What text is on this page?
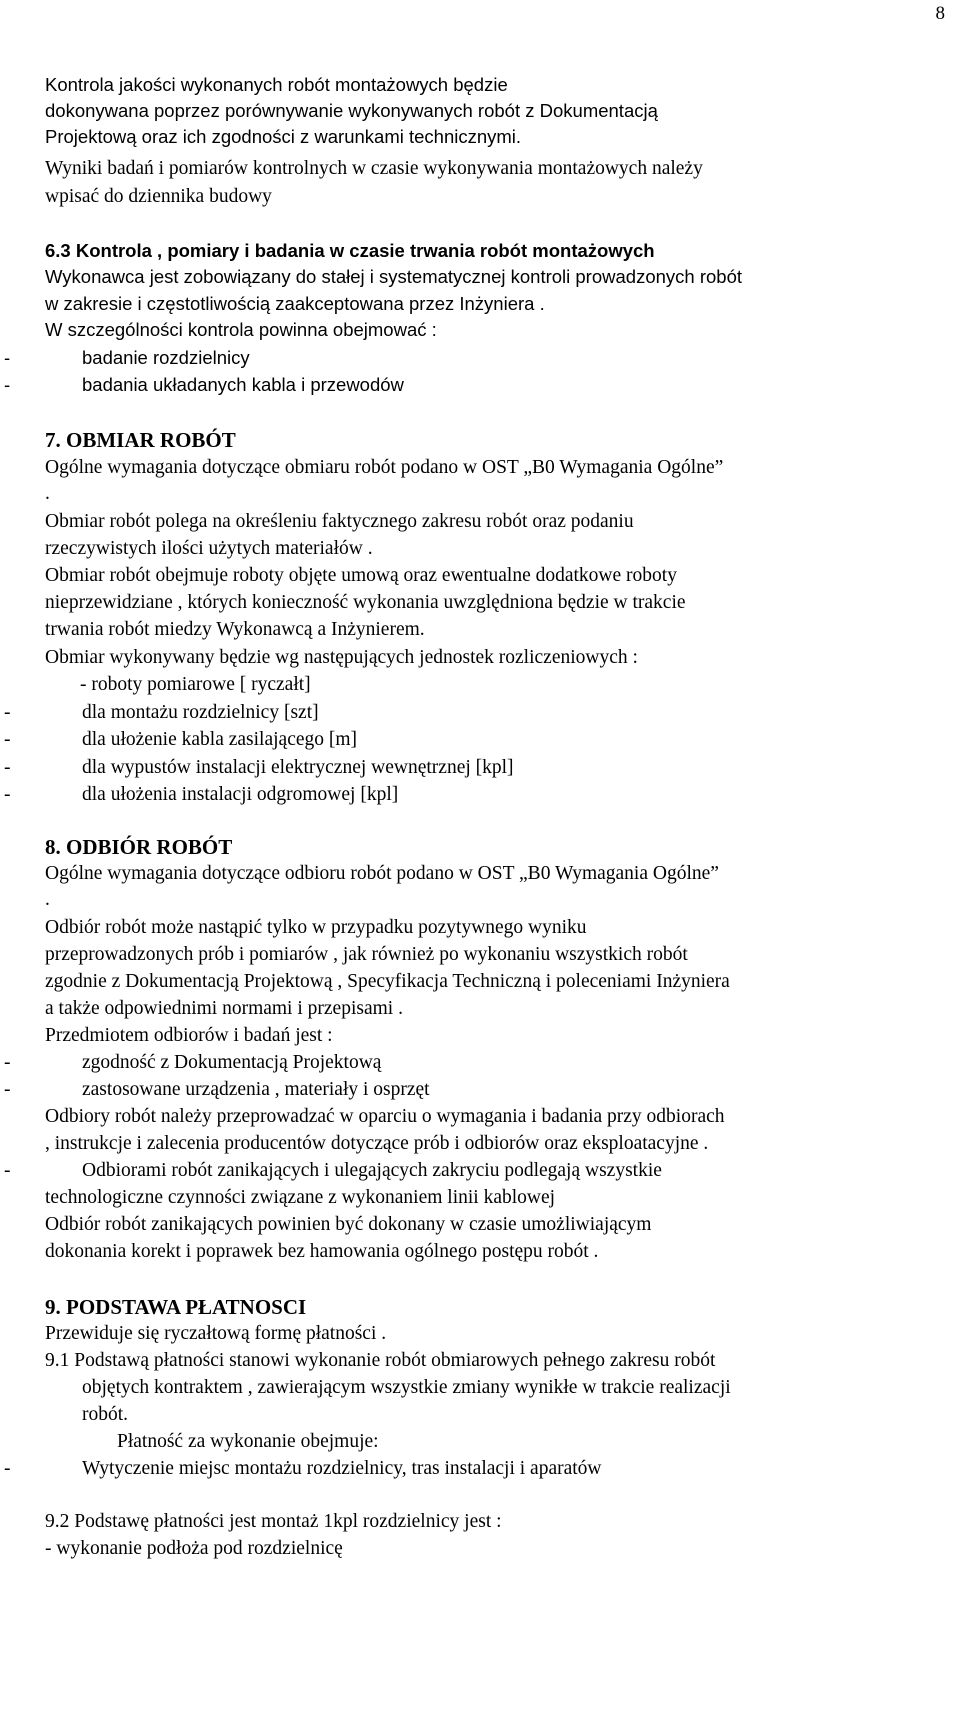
8
Kontrola jakości wykonanych robót montażowych będzie
dokonywana poprzez porównywanie wykonywanych robót z Dokumentacją
Projektową oraz ich zgodności z warunkami technicznymi.
Wyniki badań i pomiarów kontrolnych w czasie wykonywania montażowych należy
wpisać do dziennika budowy
6.3 Kontrola , pomiary i badania w czasie trwania robót montażowych
Wykonawca jest zobowiązany do stałej i systematycznej kontroli prowadzonych robót
w zakresie i częstotliwością zaakceptowana przez Inżyniera .
W szczególności kontrola powinna obejmować :
-	badanie rozdzielnicy
-	badania układanych kabla i przewodów
7. OBMIAR ROBÓT
Ogólne wymagania dotyczące obmiaru robót podano w OST „B0 Wymagania Ogólne”
.
Obmiar robót polega na określeniu faktycznego zakresu robót oraz podaniu
rzeczywistych ilości użytych materiałów .
Obmiar robót obejmuje roboty objęte umową oraz ewentualne dodatkowe roboty
nieprzewidziane , których konieczność wykonania uwzględniona będzie w trakcie
trwania robót miedzy Wykonawcą a Inżynierem.
Obmiar wykonywany będzie wg następujących jednostek rozliczeniowych :
- roboty pomiarowe [ ryczałt]
-	dla montażu rozdzielnicy [szt]
-	dla ułożenie kabla zasilającego [m]
-	dla wypustów instalacji elektrycznej wewnętrznej [kpl]
-	dla ułożenia instalacji odgromowej [kpl]
8. ODBIÓR ROBÓT
Ogólne wymagania dotyczące odbioru robót podano w OST „B0 Wymagania Ogólne”
.
Odbiór robót może nastąpić tylko w przypadku pozytywnego wyniku
przeprowadzonych prób i pomiarów , jak również po wykonaniu wszystkich robót
zgodnie z Dokumentacją Projektową , Specyfikacja Techniczną i poleceniami Inżyniera
a także odpowiednimi normami i przepisami .
Przedmiotem odbiorów i badań jest :
-	zgodność z Dokumentacją Projektową
-	zastosowane urządzenia , materiały i osprzęt
Odbiory robót należy przeprowadzać w oparciu o wymagania i badania przy odbiorach
, instrukcje i zalecenia producentów dotyczące prób i odbiorów oraz eksploatacyjne .
-	Odbiorami robót zanikających i ulegających zakryciu podlegają wszystkie
technologiczne czynności związane z wykonaniem linii kablowej
Odbiór robót zanikających powinien być dokonany w czasie umożliwiającym
dokonania korekt i poprawek bez hamowania ogólnego postępu robót .
9. PODSTAWA PŁATNOSCI
Przewiduje się ryczałtową formę płatności .
9.1 Podstawą płatności stanowi wykonanie robót obmiarowych pełnego zakresu robót
objętych kontraktem , zawierającym wszystkie zmiany wynikłe w trakcie realizacji
robót.
Płatność za wykonanie obejmuje:
-	Wytyczenie miejsc montażu rozdzielnicy, tras instalacji i aparatów
9.2 Podstawę płatności jest montaż 1kpl rozdzielnicy jest :
- wykonanie podłoża pod rozdzielnicę
